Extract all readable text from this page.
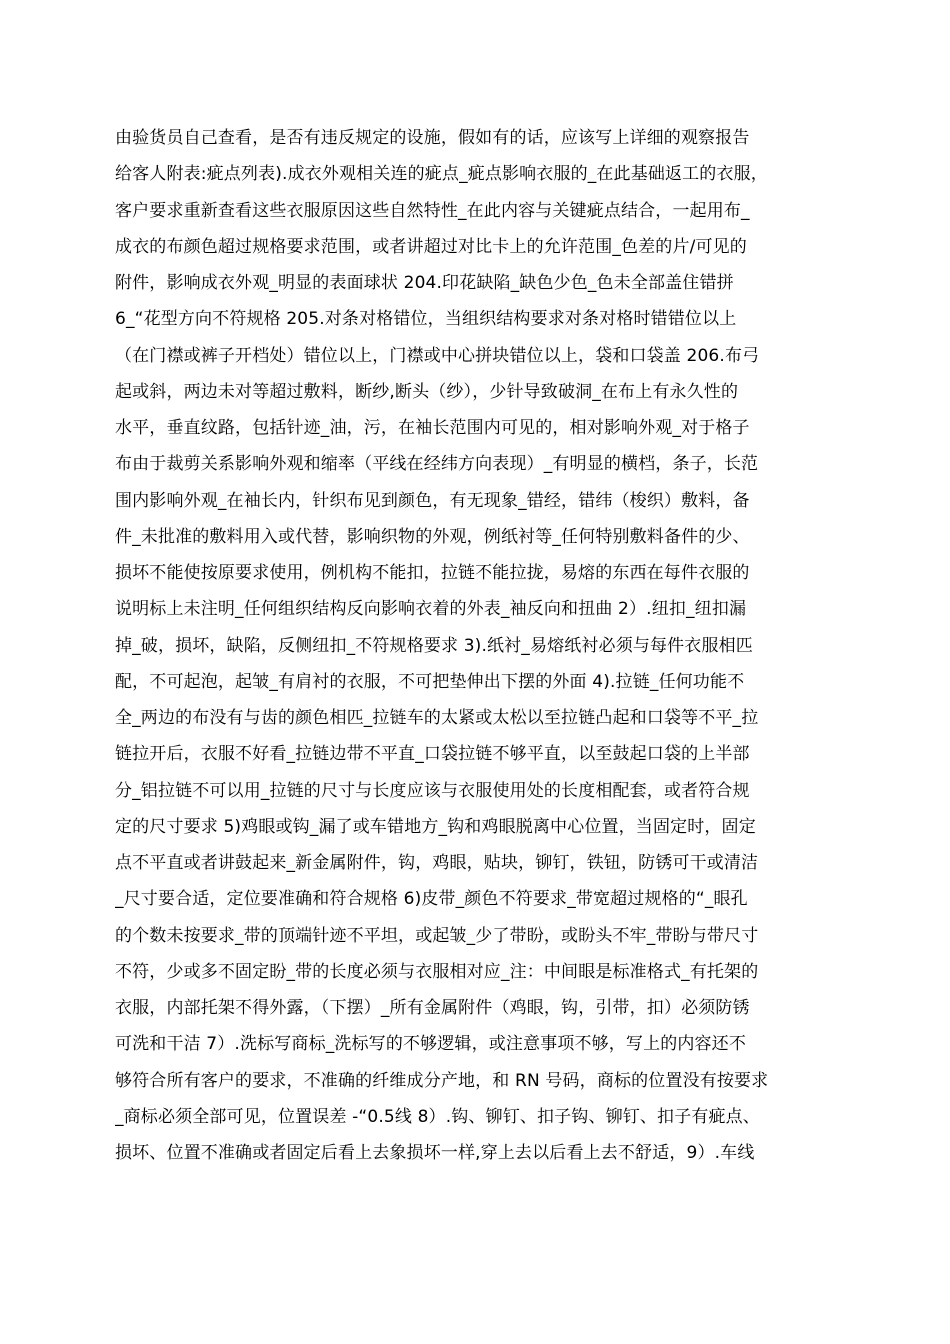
由验货员自己查看，是否有违反规定的设施，假如有的话，应该写上详细的观察报告
给客人附表:疵点列表).成衣外观相关连的疵点_疵点影响衣服的_在此基础返工的衣服，
客户要求重新查看这些衣服原因这些自然特性_在此内容与关键疵点结合，一起用布_
成衣的布颜色超过规格要求范围，或者讲超过对比卡上的允许范围_色差的片/可见的
附件，影响成衣外观_明显的表面球状 204.印花缺陷_缺色少色_色未全部盖住错拼
6_“花型方向不符规格 205.对条对格错位，当组织结构要求对条对格时错错位以上
（在门襟或裤子开档处）错位以上，门襟或中心拼块错位以上，袋和口袋盖 206.布弓
起或斜，两边未对等超过敷料，断纱,断头（纱），少针导致破洞_在布上有永久性的
水平，垂直纹路，包括针迹_油，污，在袖长范围内可见的，相对影响外观_对于格子
布由于裁剪关系影响外观和缩率（平线在经纬方向表现）_有明显的横档，条子，长范
围内影响外观_在袖长内，针织布见到颜色，有无现象_错经，错纬（梭织）敷料，备
件_未批准的敷料用入或代替，影响织物的外观，例纸衬等_任何特别敷料备件的少、
损坏不能使按原要求使用，例机构不能扣，拉链不能拉拢，易熔的东西在每件衣服的
说明标上未注明_任何组织结构反向影响衣着的外表_袖反向和扭曲 2）.纽扣_纽扣漏
掉_破，损坏，缺陷，反侧纽扣_不符规格要求 3).纸衬_易熔纸衬必须与每件衣服相匹
配，不可起泡，起皱_有肩衬的衣服，不可把垫伸出下摆的外面 4).拉链_任何功能不
全_两边的布没有与齿的颜色相匹_拉链车的太紧或太松以至拉链凸起和口袋等不平_拉
链拉开后，衣服不好看_拉链边带不平直_口袋拉链不够平直，以至鼓起口袋的上半部
分_铝拉链不可以用_拉链的尺寸与长度应该与衣服使用处的长度相配套，或者符合规
定的尺寸要求 5)鸡眼或钩_漏了或车错地方_钩和鸡眼脱离中心位置，当固定时，固定
点不平直或者讲鼓起来_新金属附件，钩，鸡眼，贴块，铆钉，铁钮，防锈可干或清洁
_尺寸要合适，定位要准确和符合规格 6)皮带_颜色不符要求_带宽超过规格的“_眼孔
的个数未按要求_带的顶端针迹不平坦，或起皱_少了带盼，或盼头不牢_带盼与带尺寸
不符，少或多不固定盼_带的长度必须与衣服相对应_注：中间眼是标准格式_有托架的
衣服，内部托架不得外露，（下摆）_所有金属附件（鸡眼，钩，引带，扣）必须防锈
可洗和干洁 7）.洗标写商标_洗标写的不够逻辑，或注意事项不够，写上的内容还不
够符合所有客户的要求，不准确的纤维成分产地，和 RN 号码，商标的位置没有按要求
_商标必须全部可见，位置误差 -“0.5线 8）.钩、铆钉、扣子钩、铆钉、扣子有疵点、
损坏、位置不准确或者固定后看上去象损坏一样,穿上去以后看上去不舒适，9）.车线
